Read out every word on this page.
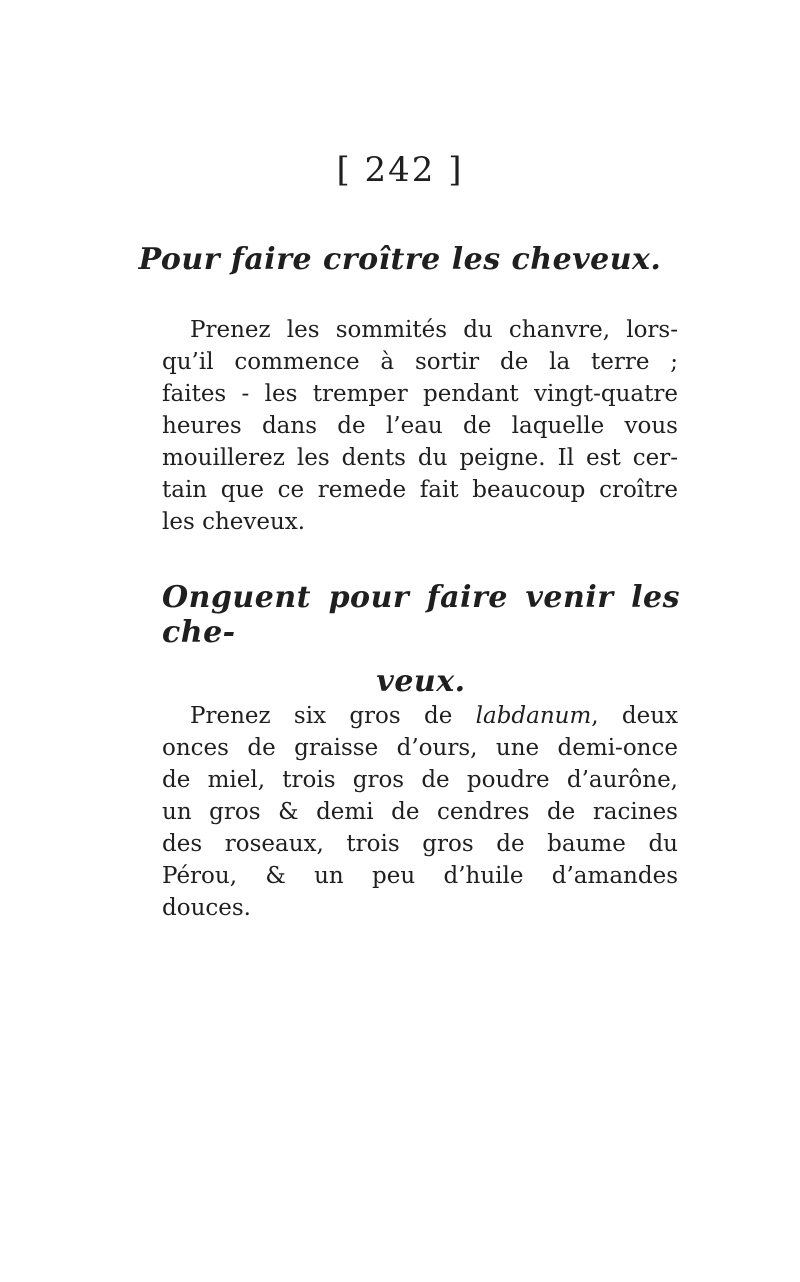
[ 242 ]
Pour faire croître les cheveux.

Prenez les sommités du chanvre, lors-
qu’il commence à sortir de la terre ;
faites - les tremper pendant vingt-quatre
heures dans de l’eau de laquelle vous
mouillerez les dents du peigne. Il est cer-
tain que ce remede fait beaucoup croître
les cheveux.

Onguent pour faire venir les che-
veux.

Prenez six gros de labdanum, deux
onces de graisse d’ours, une demi-once
de miel, trois gros de poudre d’aurône,
un gros & demi de cendres de racines
des roseaux, trois gros de baume du
Pérou, & un peu d’huile d’amandes
douces.
